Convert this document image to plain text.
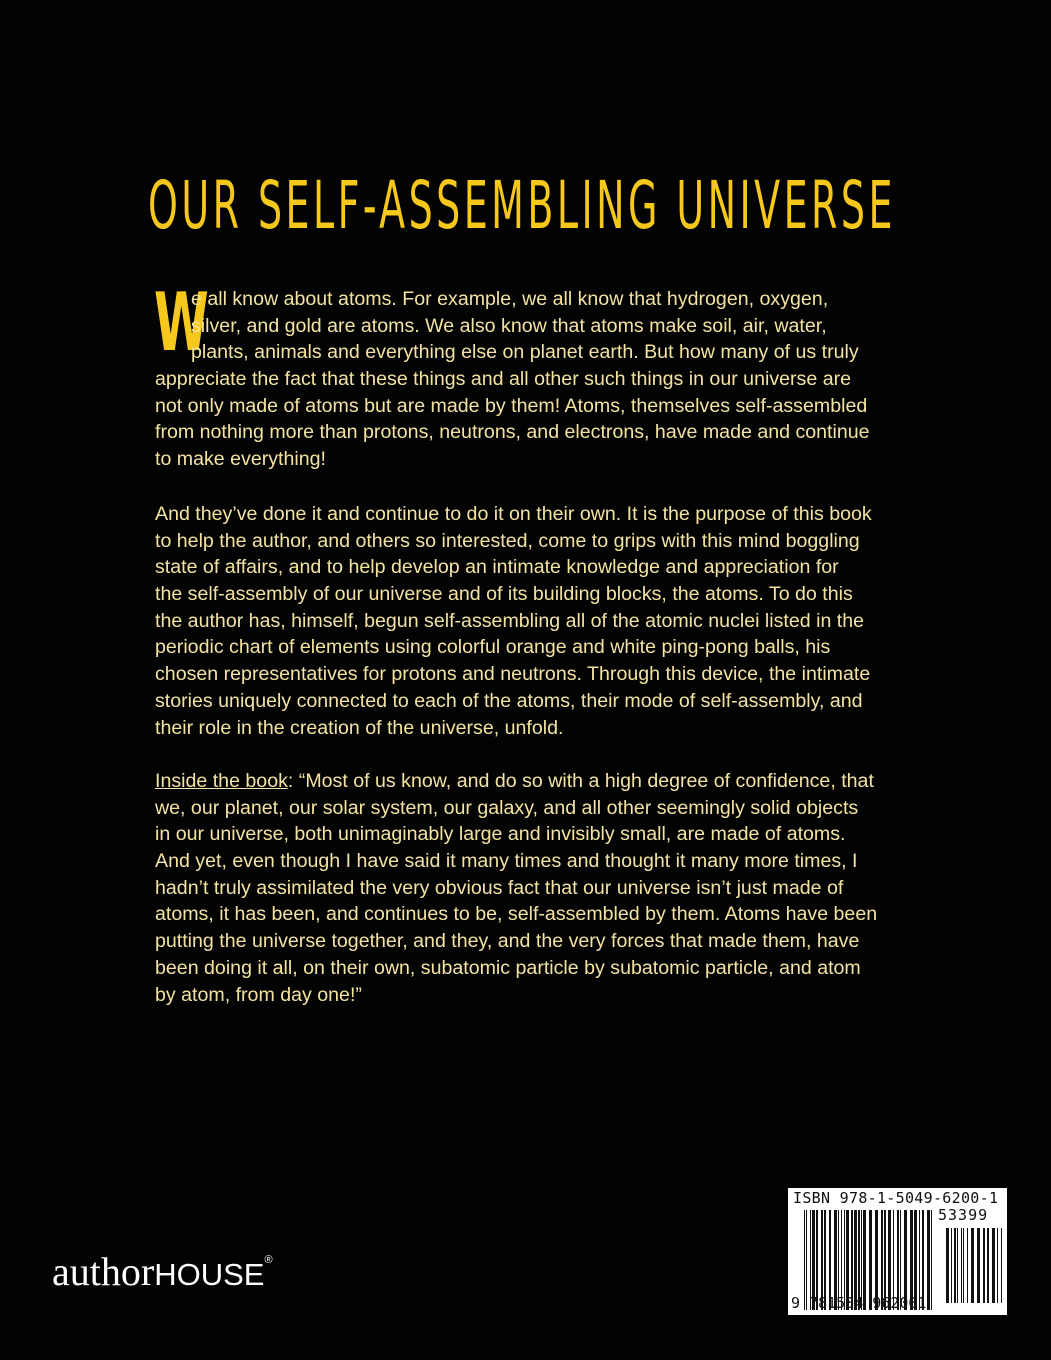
OUR SELF-ASSEMBLING UNIVERSE
W
e all know about atoms. For example, we all know that hydrogen, oxygen,
silver, and gold are atoms. We also know that atoms make soil, air, water,
plants, animals and everything else on planet earth. But how many of us truly
appreciate the fact that these things and all other such things in our universe are
not only made of atoms but are made by them! Atoms, themselves self-assembled
from nothing more than protons, neutrons, and electrons, have made and continue
to make everything!
And they’ve done it and continue to do it on their own. It is the purpose of this book
to help the author, and others so interested, come to grips with this mind boggling
state of affairs, and to help develop an intimate knowledge and appreciation for
the self-assembly of our universe and of its building blocks, the atoms. To do this
the author has, himself, begun self-assembling all of the atomic nuclei listed in the
periodic chart of elements using colorful orange and white ping-pong balls, his
chosen representatives for protons and neutrons. Through this device, the intimate
stories uniquely connected to each of the atoms, their mode of self-assembly, and
their role in the creation of the universe, unfold.
Inside the book: “Most of us know, and do so with a high degree of confidence, that
we, our planet, our solar system, our galaxy, and all other seemingly solid objects
in our universe, both unimaginably large and invisibly small, are made of atoms.
And yet, even though I have said it many times and thought it many more times, I
hadn’t truly assimilated the very obvious fact that our universe isn’t just made of
atoms, it has been, and continues to be, self-assembled by them. Atoms have been
putting the universe together, and they, and the very forces that made them, have
been doing it all, on their own, subatomic particle by subatomic particle, and atom
by atom, from day one!”
authorHOUSE®
ISBN 978-1-5049-6200-1
53399
9 781504 962001
